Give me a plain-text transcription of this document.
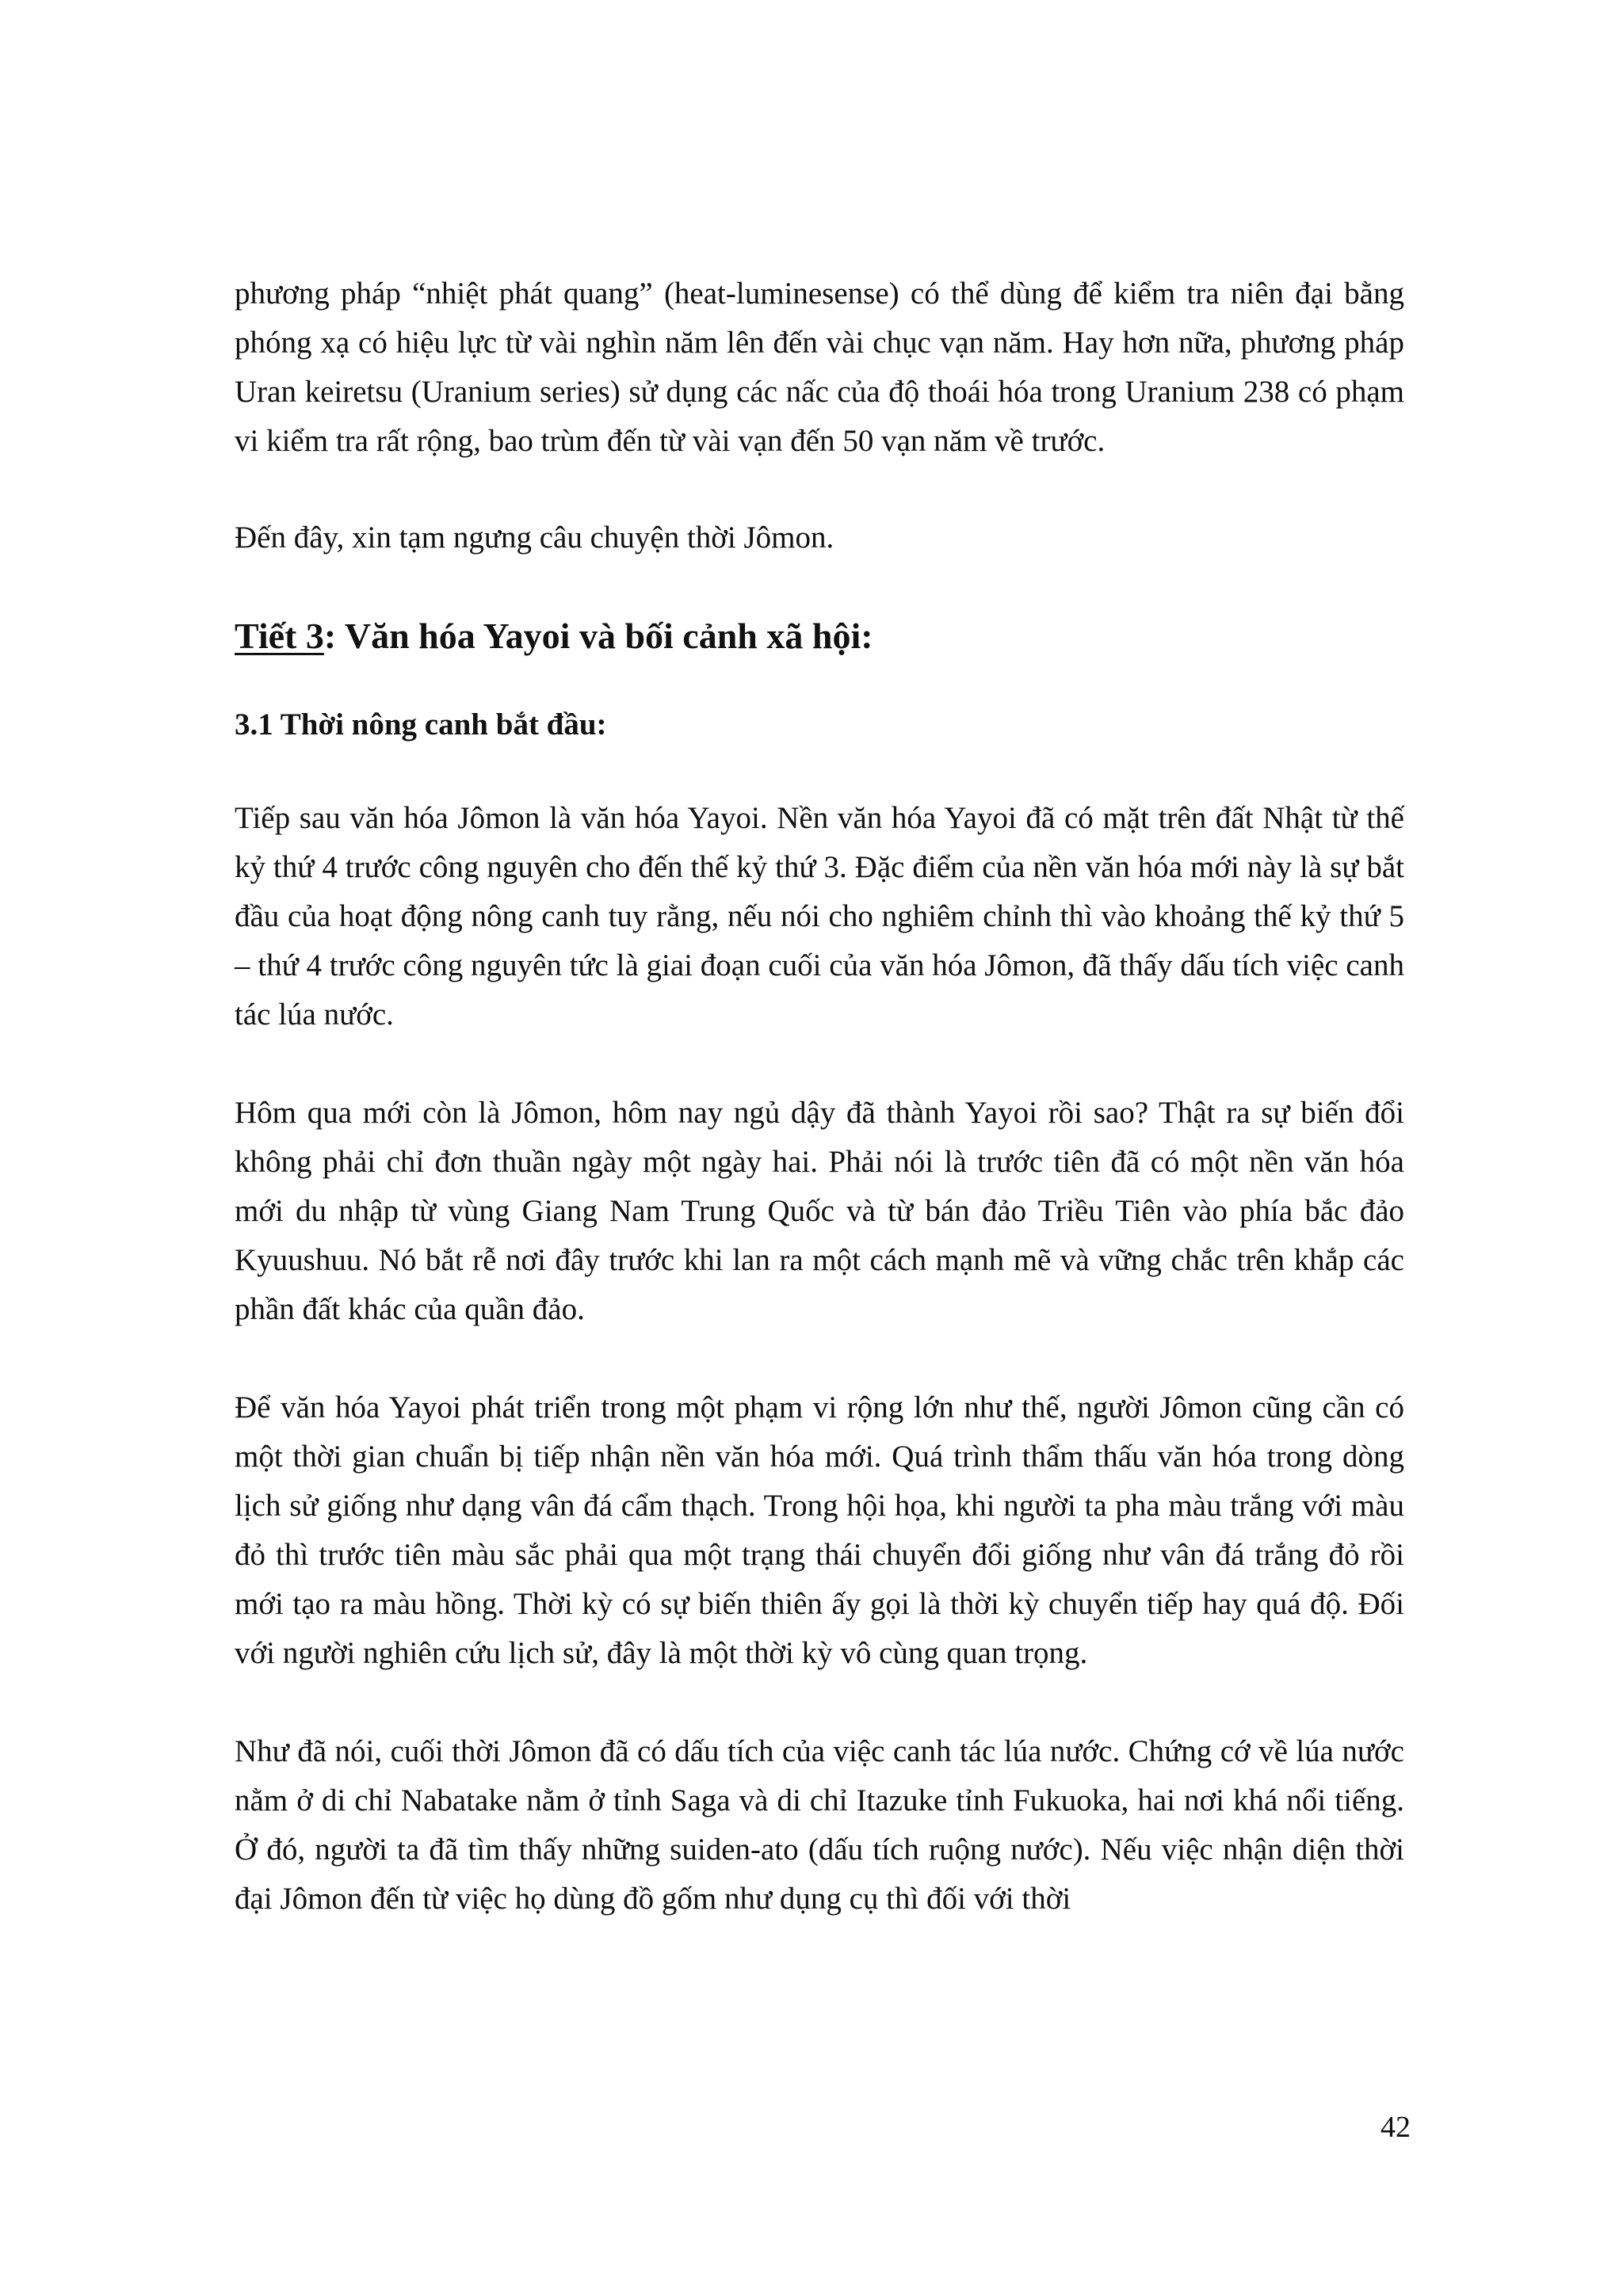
phương pháp “nhiệt phát quang” (heat-luminesense) có thể dùng để kiểm tra niên đại bằng phóng xạ có hiệu lực từ vài nghìn năm lên đến vài chục vạn năm. Hay hơn nữa, phương pháp Uran keiretsu (Uranium series) sử dụng các nấc của độ thoái hóa trong Uranium 238 có phạm vi kiểm tra rất rộng, bao trùm đến từ vài vạn đến 50 vạn năm về trước.

Đến đây, xin tạm ngưng câu chuyện thời Jômon.

Tiết 3: Văn hóa Yayoi và bối cảnh xã hội:
3.1 Thời nông canh bắt đầu:

Tiếp sau văn hóa Jômon là văn hóa Yayoi. Nền văn hóa Yayoi đã có mặt trên đất Nhật từ thế kỷ thứ 4 trước công nguyên cho đến thế kỷ thứ 3. Đặc điểm của nền văn hóa mới này là sự bắt đầu của hoạt động nông canh tuy rằng, nếu nói cho nghiêm chỉnh thì vào khoảng thế kỷ thứ 5 – thứ 4 trước công nguyên tức là giai đoạn cuối của văn hóa Jômon, đã thấy dấu tích việc canh tác lúa nước.

Hôm qua mới còn là Jômon, hôm nay ngủ dậy đã thành Yayoi rồi sao? Thật ra sự biến đổi không phải chỉ đơn thuần ngày một ngày hai. Phải nói là trước tiên đã có một nền văn hóa mới du nhập từ vùng Giang Nam Trung Quốc và từ bán đảo Triều Tiên vào phía bắc đảo Kyuushuu. Nó bắt rễ nơi đây trước khi lan ra một cách mạnh mẽ và vững chắc trên khắp các phần đất khác của quần đảo.

Để văn hóa Yayoi phát triển trong một phạm vi rộng lớn như thế, người Jômon cũng cần có một thời gian chuẩn bị tiếp nhận nền văn hóa mới. Quá trình thẩm thấu văn hóa trong dòng lịch sử giống như dạng vân đá cẩm thạch. Trong hội họa, khi người ta pha màu trắng với màu đỏ thì trước tiên màu sắc phải qua một trạng thái chuyển đổi giống như vân đá trắng đỏ rồi mới tạo ra màu hồng. Thời kỳ có sự biến thiên ấy gọi là thời kỳ chuyển tiếp hay quá độ. Đối với người nghiên cứu lịch sử, đây là một thời kỳ vô cùng quan trọng.

Như đã nói, cuối thời Jômon đã có dấu tích của việc canh tác lúa nước. Chứng cớ về lúa nước nằm ở di chỉ Nabatake nằm ở tỉnh Saga và di chỉ Itazuke tỉnh Fukuoka, hai nơi khá nổi tiếng. Ở đó, người ta đã tìm thấy những suiden-ato (dấu tích ruộng nước). Nếu việc nhận diện thời đại Jômon đến từ việc họ dùng đồ gốm như dụng cụ thì đối với thời

42
